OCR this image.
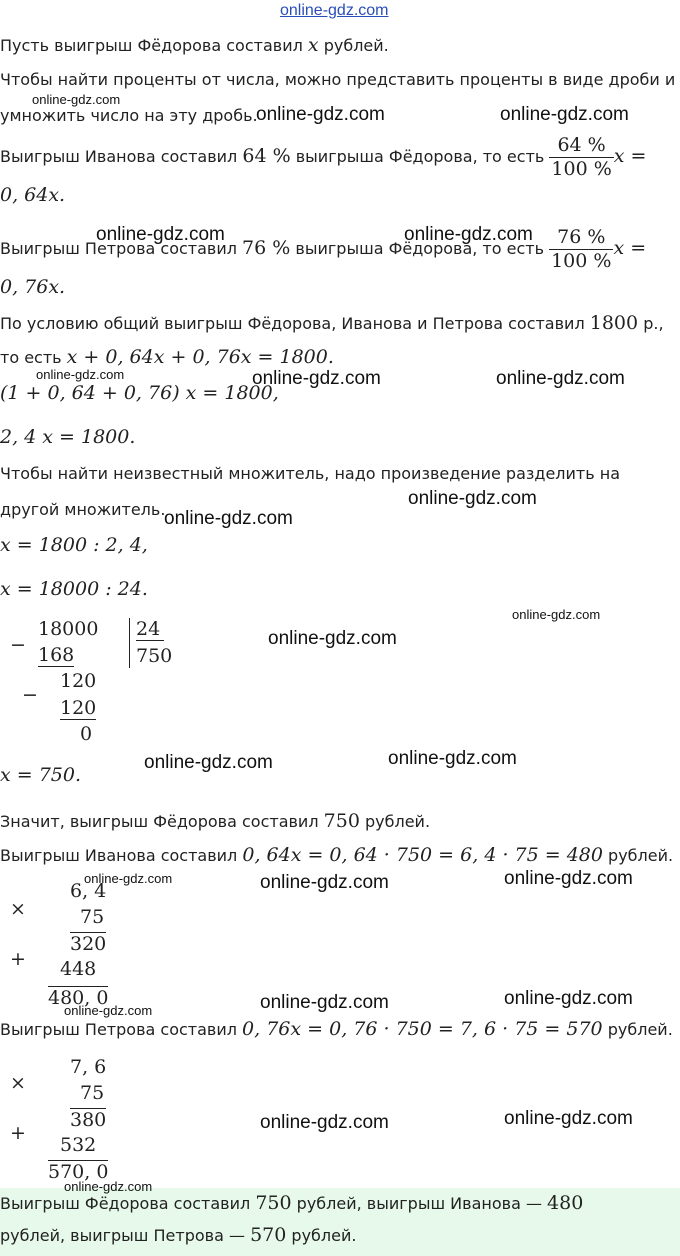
online-gdz.com
Пусть выигрыш Фёдорова составил x рублей.
Чтобы найти проценты от числа, можно представить проценты в виде дроби и
умножить число на эту дробь.
Выигрыш Иванова составил 64 % выигрыша Фёдорова, то есть $\frac{64 \%}{100 \%}$ x =
0, 64x.
Выигрыш Петрова составил 76 % выигрыша Фёдорова, то есть $\frac{76 \%}{100 \%}$ x =
0, 76x.
По условию общий выигрыш Фёдорова, Иванова и Петрова составил 1800 р.,
то есть x + 0, 64x + 0, 76x = 1800.
(1 + 0, 64 + 0, 76) x = 1800,
2, 4 x = 1800.
Чтобы найти неизвестный множитель, надо произведение разделить на
другой множитель.
x = 1800 : 2, 4,
x = 18000 : 24.
−
18000
168
24
750
−
120
120
0
x = 750.
Значит, выигрыш Фёдорова составил 750 рублей.
Выигрыш Иванова составил 0, 64x = 0, 64 · 750 = 6, 4 · 75 = 480 рублей.
×
6, 4
75
320
+ 448
480, 0
Выигрыш Петрова составил 0, 76x = 0, 76 · 750 = 7, 6 · 75 = 570 рублей.
×
7, 6
75
380
+
532
570, 0
Выигрыш Фёдорова составил 750 рублей, выигрыш Иванова — 480
рублей, выигрыш Петрова — 570 рублей.
online-gdz.com
online-gdz.com	online-gdz.com
online-gdz.com	online-gdz.com
online-gdz.com	online-gdz.com	online-gdz.com
online-gdz.com
online-gdz.com
online-gdz.com
online-gdz.com
online-gdz.com
online-gdz.com
online-gdz.com	online-gdz.com
online-gdz.com
online-gdz.com
online-gdz.com
online-gdz.com
online-gdz.com
online-gdz.com
online-gdz.com
